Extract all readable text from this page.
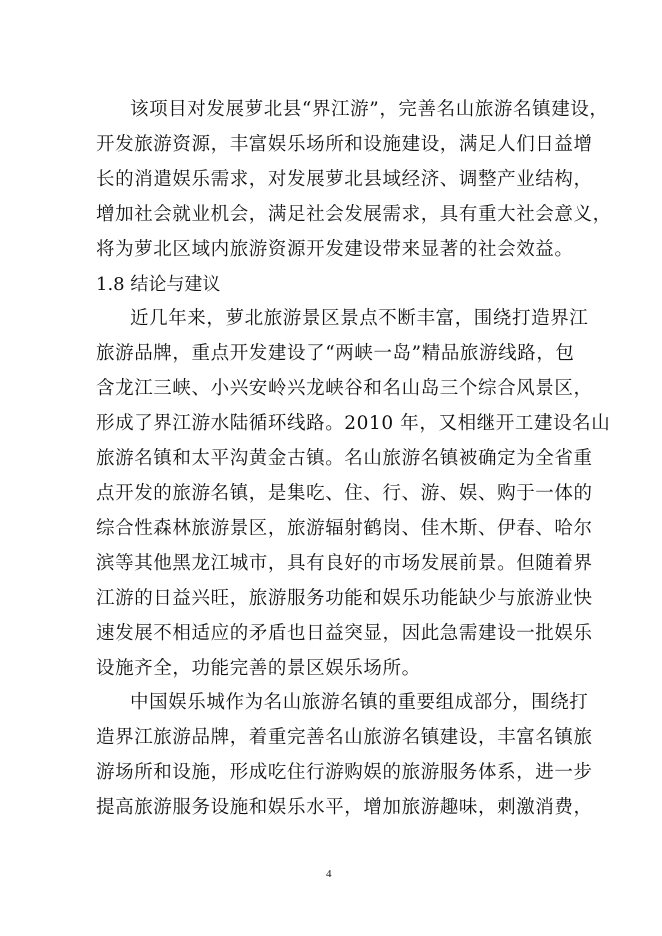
该项目对发展萝北县“界江游”，完善名山旅游名镇建设，
开发旅游资源，丰富娱乐场所和设施建设，满足人们日益增
长的消遣娱乐需求，对发展萝北县域经济、调整产业结构，
增加社会就业机会，满足社会发展需求，具有重大社会意义，
将为萝北区域内旅游资源开发建设带来显著的社会效益。
1.8 结论与建议
近几年来，萝北旅游景区景点不断丰富，围绕打造界江
旅游品牌，重点开发建设了“两峡一岛”精品旅游线路，包
含龙江三峡、小兴安岭兴龙峡谷和名山岛三个综合风景区，
形成了界江游水陆循环线路。2010 年，又相继开工建设名山
旅游名镇和太平沟黄金古镇。名山旅游名镇被确定为全省重
点开发的旅游名镇，是集吃、住、行、游、娱、购于一体的
综合性森林旅游景区，旅游辐射鹤岗、佳木斯、伊春、哈尔
滨等其他黑龙江城市，具有良好的市场发展前景。但随着界
江游的日益兴旺，旅游服务功能和娱乐功能缺少与旅游业快
速发展不相适应的矛盾也日益突显，因此急需建设一批娱乐
设施齐全，功能完善的景区娱乐场所。
中国娱乐城作为名山旅游名镇的重要组成部分，围绕打
造界江旅游品牌，着重完善名山旅游名镇建设，丰富名镇旅
游场所和设施，形成吃住行游购娱的旅游服务体系，进一步
提高旅游服务设施和娱乐水平，增加旅游趣味，刺激消费，
4
